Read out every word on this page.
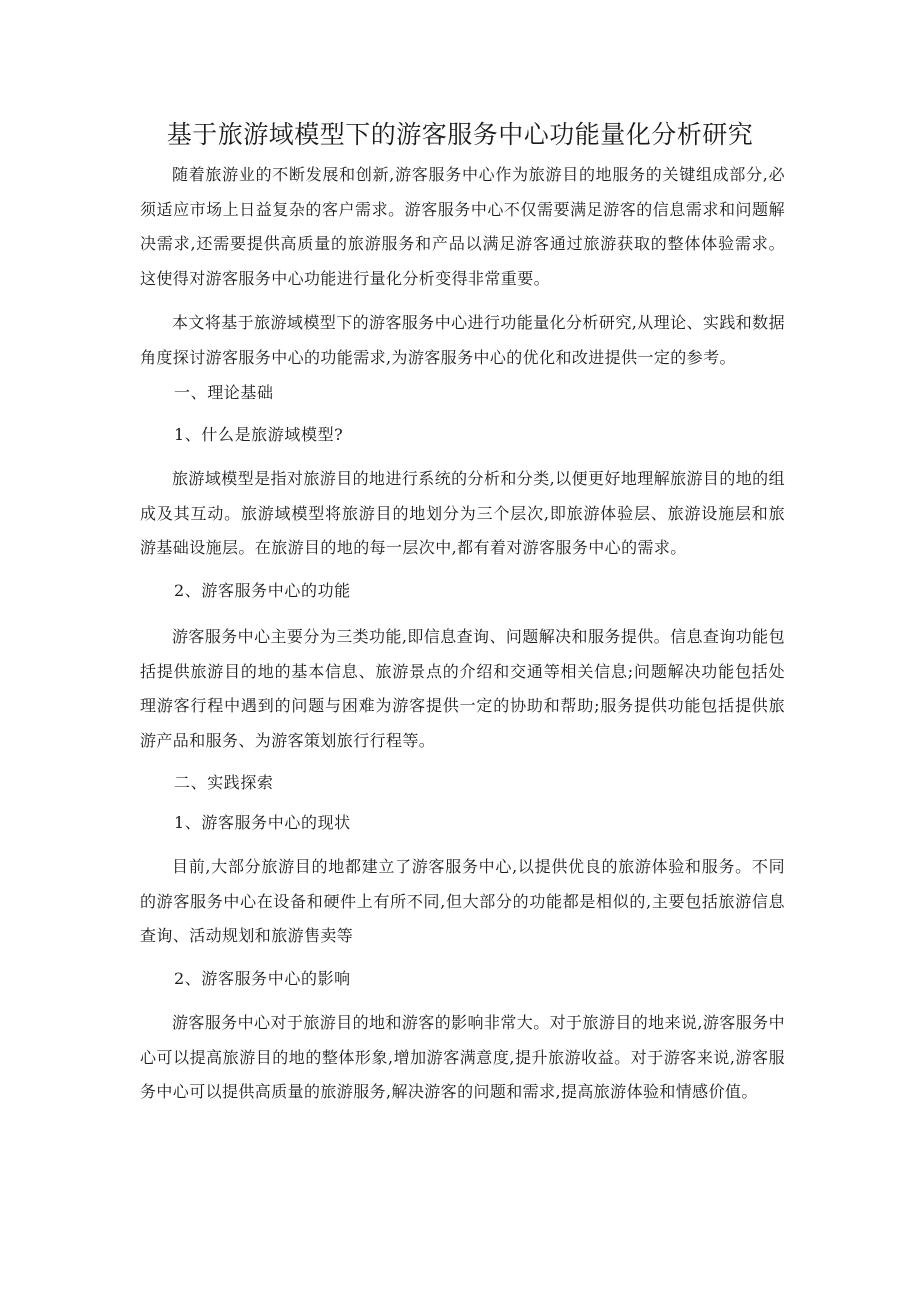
基于旅游域模型下的游客服务中心功能量化分析研究

随着旅游业的不断发展和创新,游客服务中心作为旅游目的地服务的关键组成部分,必须适应市场上日益复杂的客户需求。游客服务中心不仅需要满足游客的信息需求和问题解决需求,还需要提供高质量的旅游服务和产品以满足游客通过旅游获取的整体体验需求。这使得对游客服务中心功能进行量化分析变得非常重要。

本文将基于旅游域模型下的游客服务中心进行功能量化分析研究,从理论、实践和数据角度探讨游客服务中心的功能需求,为游客服务中心的优化和改进提供一定的参考。

一、理论基础
1、什么是旅游域模型?

旅游域模型是指对旅游目的地进行系统的分析和分类,以便更好地理解旅游目的地的组成及其互动。旅游域模型将旅游目的地划分为三个层次,即旅游体验层、旅游设施层和旅游基础设施层。在旅游目的地的每一层次中,都有着对游客服务中心的需求。

2、游客服务中心的功能

游客服务中心主要分为三类功能,即信息查询、问题解决和服务提供。信息查询功能包括提供旅游目的地的基本信息、旅游景点的介绍和交通等相关信息;问题解决功能包括处理游客行程中遇到的问题与困难为游客提供一定的协助和帮助;服务提供功能包括提供旅游产品和服务、为游客策划旅行行程等。

二、实践探索
1、游客服务中心的现状

目前,大部分旅游目的地都建立了游客服务中心,以提供优良的旅游体验和服务。不同的游客服务中心在设备和硬件上有所不同,但大部分的功能都是相似的,主要包括旅游信息查询、活动规划和旅游售卖等

2、游客服务中心的影响

游客服务中心对于旅游目的地和游客的影响非常大。对于旅游目的地来说,游客服务中心可以提高旅游目的地的整体形象,增加游客满意度,提升旅游收益。对于游客来说,游客服务中心可以提供高质量的旅游服务,解决游客的问题和需求,提高旅游体验和情感价值。
